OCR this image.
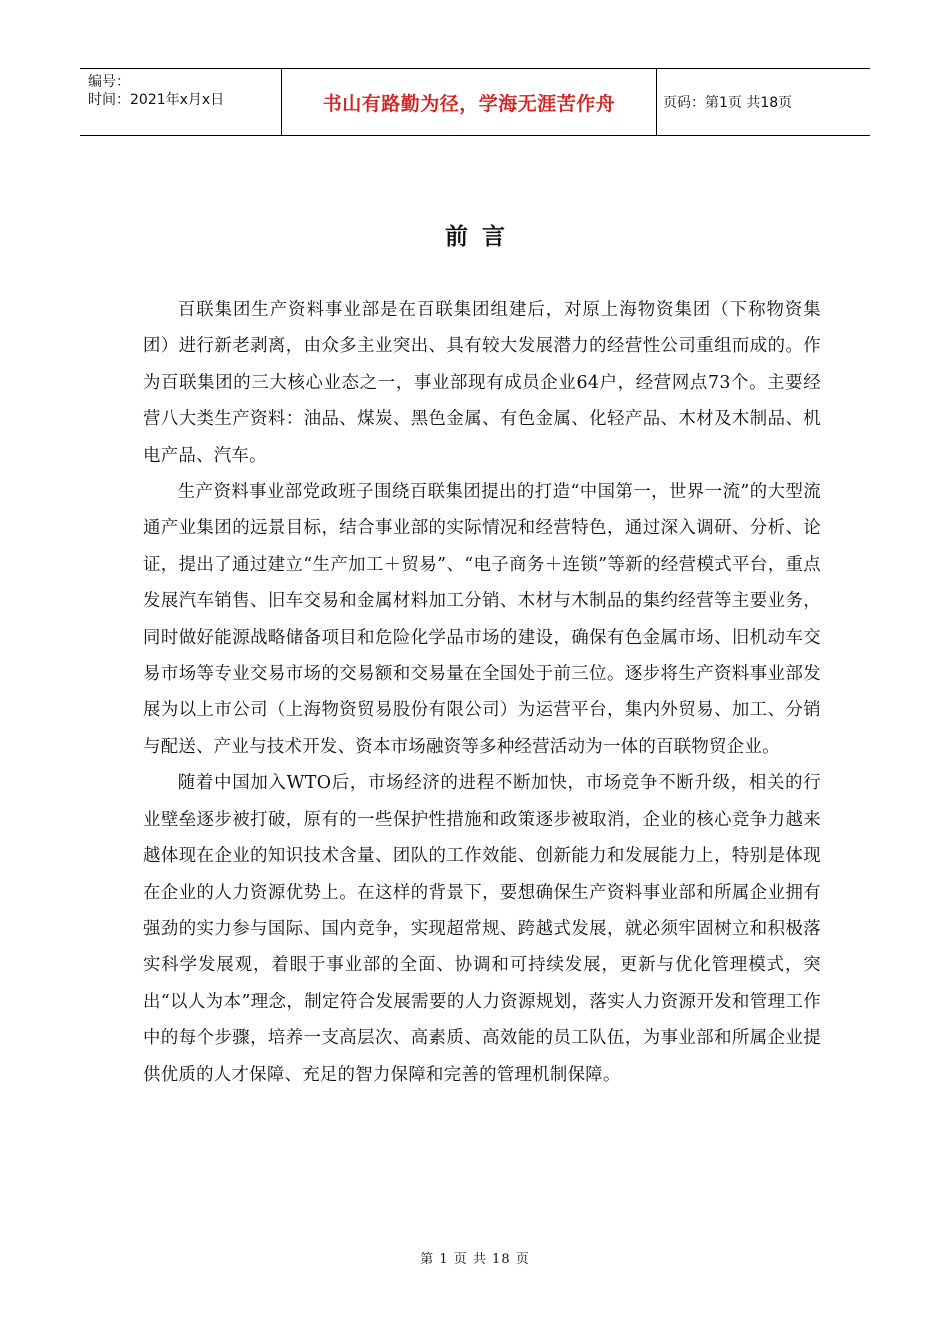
编号：
时间：2021年x月x日	书山有路勤为径，学海无涯苦作舟	页码：第1页 共18页
前言

百联集团生产资料事业部是在百联集团组建后，对原上海物资集团（下称物资集团）进行新老剥离，由众多主业突出、具有较大发展潜力的经营性公司重组而成的。作为百联集团的三大核心业态之一，事业部现有成员企业64户，经营网点73个。主要经营八大类生产资料：油品、煤炭、黑色金属、有色金属、化轻产品、木材及木制品、机电产品、汽车。

生产资料事业部党政班子围绕百联集团提出的打造“中国第一，世界一流”的大型流通产业集团的远景目标，结合事业部的实际情况和经营特色，通过深入调研、分析、论证，提出了通过建立“生产加工＋贸易”、“电子商务＋连锁”等新的经营模式平台，重点发展汽车销售、旧车交易和金属材料加工分销、木材与木制品的集约经营等主要业务，同时做好能源战略储备项目和危险化学品市场的建设，确保有色金属市场、旧机动车交易市场等专业交易市场的交易额和交易量在全国处于前三位。逐步将生产资料事业部发展为以上市公司（上海物资贸易股份有限公司）为运营平台，集内外贸易、加工、分销与配送、产业与技术开发、资本市场融资等多种经营活动为一体的百联物贸企业。

随着中国加入WTO后，市场经济的进程不断加快，市场竞争不断升级，相关的行业壁垒逐步被打破，原有的一些保护性措施和政策逐步被取消，企业的核心竞争力越来越体现在企业的知识技术含量、团队的工作效能、创新能力和发展能力上，特别是体现在企业的人力资源优势上。在这样的背景下，要想确保生产资料事业部和所属企业拥有强劲的实力参与国际、国内竞争，实现超常规、跨越式发展，就必须牢固树立和积极落实科学发展观，着眼于事业部的全面、协调和可持续发展，更新与优化管理模式，突出“以人为本”理念，制定符合发展需要的人力资源规划，落实人力资源开发和管理工作中的每个步骤，培养一支高层次、高素质、高效能的员工队伍，为事业部和所属企业提供优质的人才保障、充足的智力保障和完善的管理机制保障。

第 1 页 共 18 页
